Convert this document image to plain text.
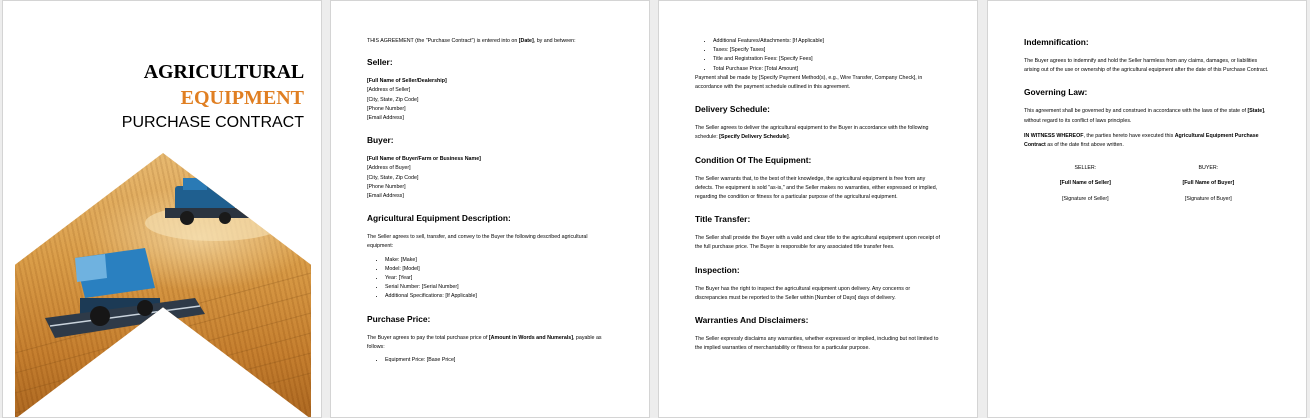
AGRICULTURAL
EQUIPMENT
PURCHASE CONTRACT

THIS AGREEMENT (the "Purchase Contract") is entered into on [Date], by and between:

Seller:

[Full Name of Seller/Dealership]

[Address of Seller]

[City, State, Zip Code]

[Phone Number]

[Email Address]

Buyer:

[Full Name of Buyer/Farm or Business Name]

[Address of Buyer]

[City, State, Zip Code]

[Phone Number]

[Email Address]

Agricultural Equipment Description:

The Seller agrees to sell, transfer, and convey to the Buyer the following described agricultural equipment:

• Make: [Make]
• Model: [Model]
• Year: [Year]
• Serial Number: [Serial Number]
• Additional Specifications: [If Applicable]
Purchase Price:

The Buyer agrees to pay the total purchase price of [Amount in Words and Numerals], payable as follows:

• Equipment Price: [Base Price]
• Additional Features/Attachments: [If Applicable]
• Taxes: [Specify Taxes]
• Title and Registration Fees: [Specify Fees]
• Total Purchase Price: [Total Amount]

Payment shall be made by [Specify Payment Method(s), e.g., Wire Transfer, Company Check], in accordance with the payment schedule outlined in this agreement.

Delivery Schedule:

The Seller agrees to deliver the agricultural equipment to the Buyer in accordance with the following schedule: [Specify Delivery Schedule].

Condition Of The Equipment:

The Seller warrants that, to the best of their knowledge, the agricultural equipment is free from any defects. The equipment is sold "as-is," and the Seller makes no warranties, either expressed or implied, regarding the condition or fitness for a particular purpose of the agricultural equipment.

Title Transfer:

The Seller shall provide the Buyer with a valid and clear title to the agricultural equipment upon receipt of the full purchase price. The Buyer is responsible for any associated title transfer fees.

Inspection:

The Buyer has the right to inspect the agricultural equipment upon delivery. Any concerns or discrepancies must be reported to the Seller within [Number of Days] days of delivery.

Warranties And Disclaimers:

The Seller expressly disclaims any warranties, whether expressed or implied, including but not limited to the implied warranties of merchantability or fitness for a particular purpose.

Indemnification:

The Buyer agrees to indemnify and hold the Seller harmless from any claims, damages, or liabilities arising out of the use or ownership of the agricultural equipment after the date of this Purchase Contract.

Governing Law:

This agreement shall be governed by and construed in accordance with the laws of the state of [State], without regard to its conflict of laws principles.

IN WITNESS WHEREOF, the parties hereto have executed this Agricultural Equipment Purchase Contract as of the date first above written.

SELLER:

[Full Name of Seller]

[Signature of Seller]

BUYER:

[Full Name of Buyer]

[Signature of Buyer]
